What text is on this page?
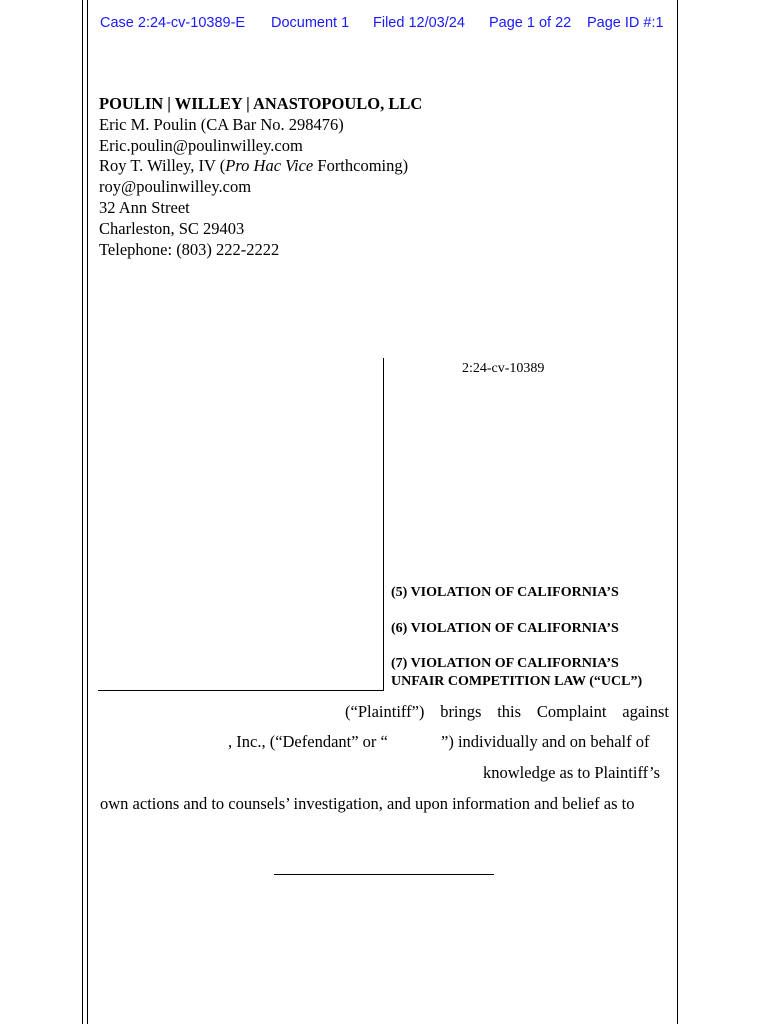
Case 2:24-cv-10389-E Document 1 Filed 12/03/24 Page 1 of 22 Page ID #:1
POULIN | WILLEY | ANASTOPOULO, LLC
Eric M. Poulin (CA Bar No. 298476)
Eric.poulin@poulinwilley.com
Roy T. Willey, IV (Pro Hac Vice Forthcoming)
roy@poulinwilley.com
32 Ann Street
Charleston, SC 29403
Telephone: (803) 222-2222
2:24-cv-10389
(5) VIOLATION OF CALIFORNIA’S
(6) VIOLATION OF CALIFORNIA’S
(7) VIOLATION OF CALIFORNIA’S
UNFAIR COMPETITION LAW (“UCL”)
(“Plaintiff”) brings this Complaint against
, Inc., (“Defendant” or “	”) individually and on behalf of
knowledge as to Plaintiff’s
own actions and to counsels’ investigation, and upon information and belief as to
